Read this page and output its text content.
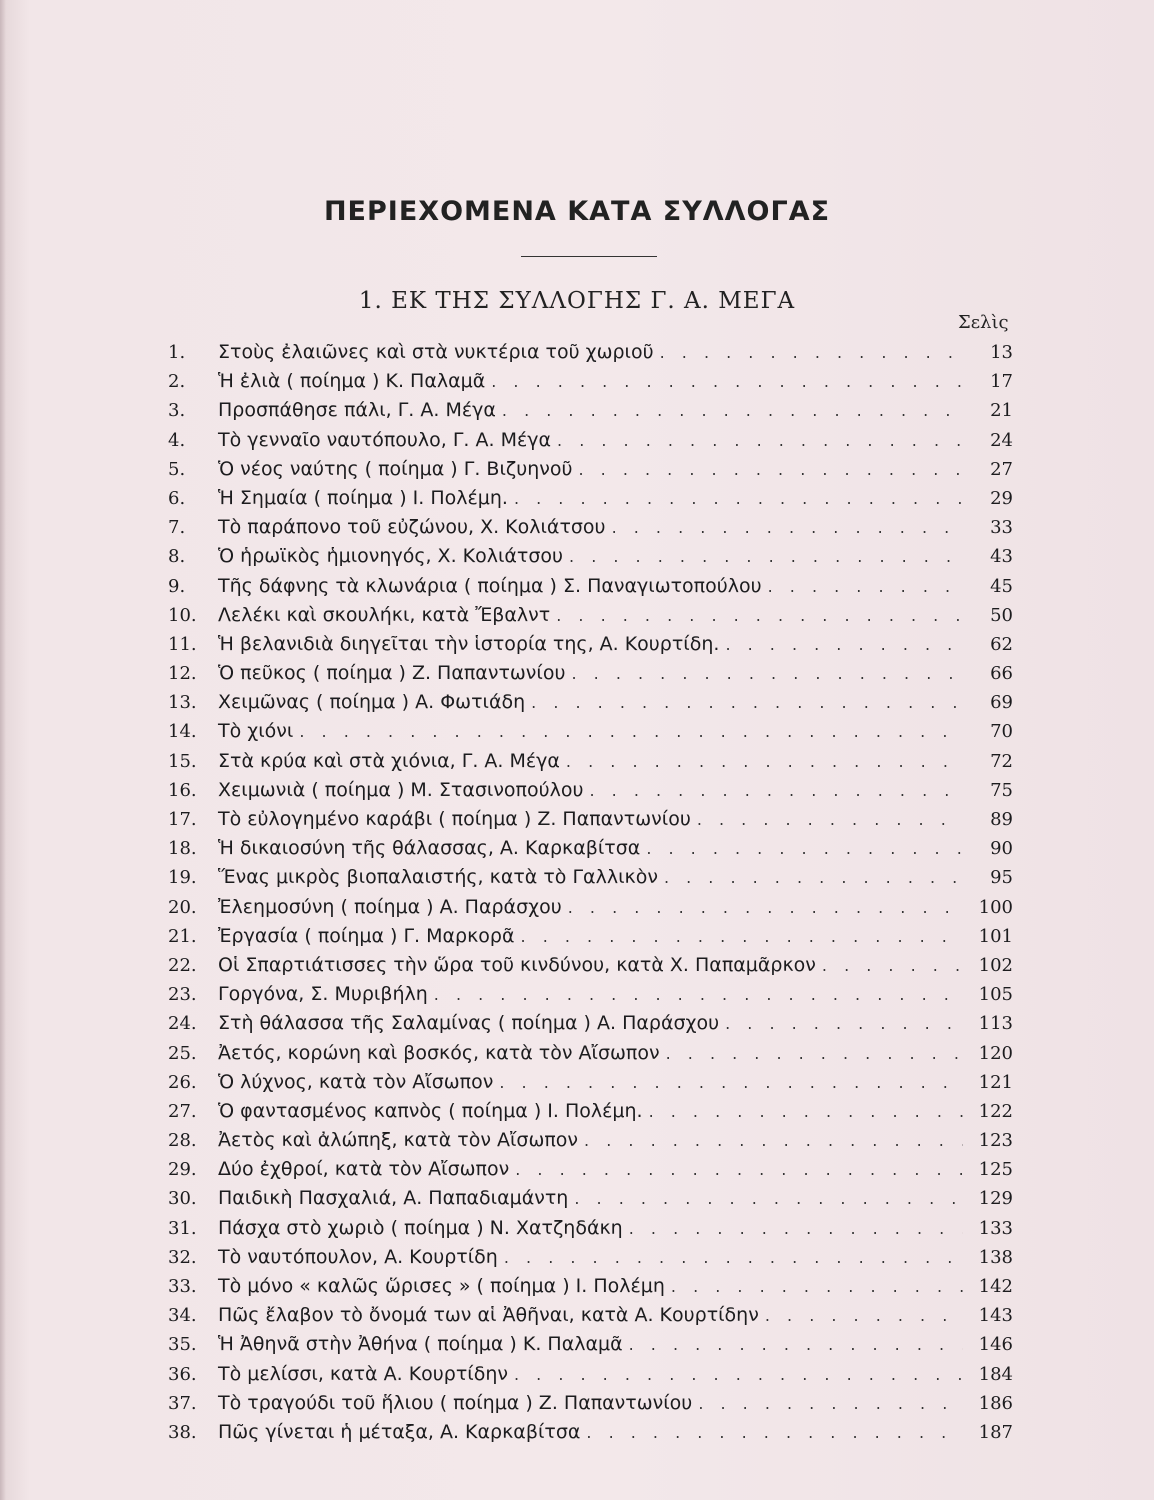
ΠΕΡΙΕΧΟΜΕΝΑ ΚΑΤΑ ΣΥΛΛΟΓΑΣ
1. ΕΚ ΤΗΣ ΣΥΛΛΟΓΗΣ Γ. Α. ΜΕΓΑ
Σελὶς
1.	Στοὺς ἐλαιῶνες καὶ στὰ νυκτέρια τοῦ χωριοῦ . . .	13
2.	Ἡ ἐλιὰ ( ποίημα ) Κ. Παλαμᾶ . . .	17
3.	Προσπάθησε πάλι, Γ. Α. Μέγα . . .	21
4.	Τὸ γενναῖο ναυτόπουλο, Γ. Α. Μέγα . . .	24
5.	Ὁ νέος ναύτης ( ποίημα ) Γ. Βιζυηνοῦ . . .	27
6.	Ἡ Σημαία ( ποίημα ) Ι. Πολέμη. . . .	29
7.	Τὸ παράπονο τοῦ εὐζώνου, Χ. Κολιάτσου . . .	33
8.	Ὁ ἡρωϊκὸς ἡμιονηγός, Χ. Κολιάτσου . . .	43
9.	Τῆς δάφνης τὰ κλωνάρια ( ποίημα ) Σ. Παναγιωτοπούλου . . .	45
10.	Λελέκι καὶ σκουλήκι, κατὰ Ἔβαλντ . . .	50
11.	Ἡ βελανιδιὰ διηγεῖται τὴν ἱστορία της, Α. Κουρτίδη. . . .	62
12.	Ὁ πεῦκος ( ποίημα ) Ζ. Παπαντωνίου . . .	66
13.	Χειμῶνας ( ποίημα ) Α. Φωτιάδη . . .	69
14.	Τὸ χιόνι . . .	70
15.	Στὰ κρύα καὶ στὰ χιόνια, Γ. Α. Μέγα . . .	72
16.	Χειμωνιὰ ( ποίημα ) Μ. Στασινοπούλου . . .	75
17.	Τὸ εὐλογημένο καράβι ( ποίημα ) Ζ. Παπαντωνίου . . .	89
18.	Ἡ δικαιοσύνη τῆς θάλασσας, Α. Καρκαβίτσα . . .	90
19.	Ἕνας μικρὸς βιοπαλαιστής, κατὰ τὸ Γαλλικὸν . . .	95
20.	Ἐλεημοσύνη ( ποίημα ) Α. Παράσχου . . .	100
21.	Ἐργασία ( ποίημα ) Γ. Μαρκορᾶ . . .	101
22.	Οἱ Σπαρτιάτισσες τὴν ὥρα τοῦ κινδύνου, κατὰ Χ. Παπαμᾶρκον . . .	102
23.	Γοργόνα, Σ. Μυριβήλη . . .	105
24.	Στὴ θάλασσα τῆς Σαλαμίνας ( ποίημα ) Α. Παράσχου . . .	113
25.	Ἀετός, κορώνη καὶ βοσκός, κατὰ τὸν Αἴσωπον . . .	120
26.	Ὁ λύχνος, κατὰ τὸν Αἴσωπον . . .	121
27.	Ὁ φαντασμένος καπνὸς ( ποίημα ) Ι. Πολέμη. . . .	122
28.	Ἀετὸς καὶ ἀλώπηξ, κατὰ τὸν Αἴσωπον . . .	123
29.	Δύο ἐχθροί, κατὰ τὸν Αἴσωπον . . .	125
30.	Παιδικὴ Πασχαλιά, Α. Παπαδιαμάντη . . .	129
31.	Πάσχα στὸ χωριὸ ( ποίημα ) Ν. Χατζηδάκη . . .	133
32.	Τὸ ναυτόπουλον, Α. Κουρτίδη . . .	138
33.	Τὸ μόνο « καλῶς ὥρισες » ( ποίημα ) Ι. Πολέμη . . .	142
34.	Πῶς ἔλαβον τὸ ὄνομά των αἱ Ἀθῆναι, κατὰ Α. Κουρτίδην . . .	143
35.	Ἡ Ἀθηνᾶ στὴν Ἀθήνα ( ποίημα ) Κ. Παλαμᾶ . . .	146
36.	Τὸ μελίσσι, κατὰ Α. Κουρτίδην . . .	184
37.	Τὸ τραγούδι τοῦ ἥλιου ( ποίημα ) Ζ. Παπαντωνίου . . .	186
38.	Πῶς γίνεται ἡ μέταξα, Α. Καρκαβίτσα . . .	187
